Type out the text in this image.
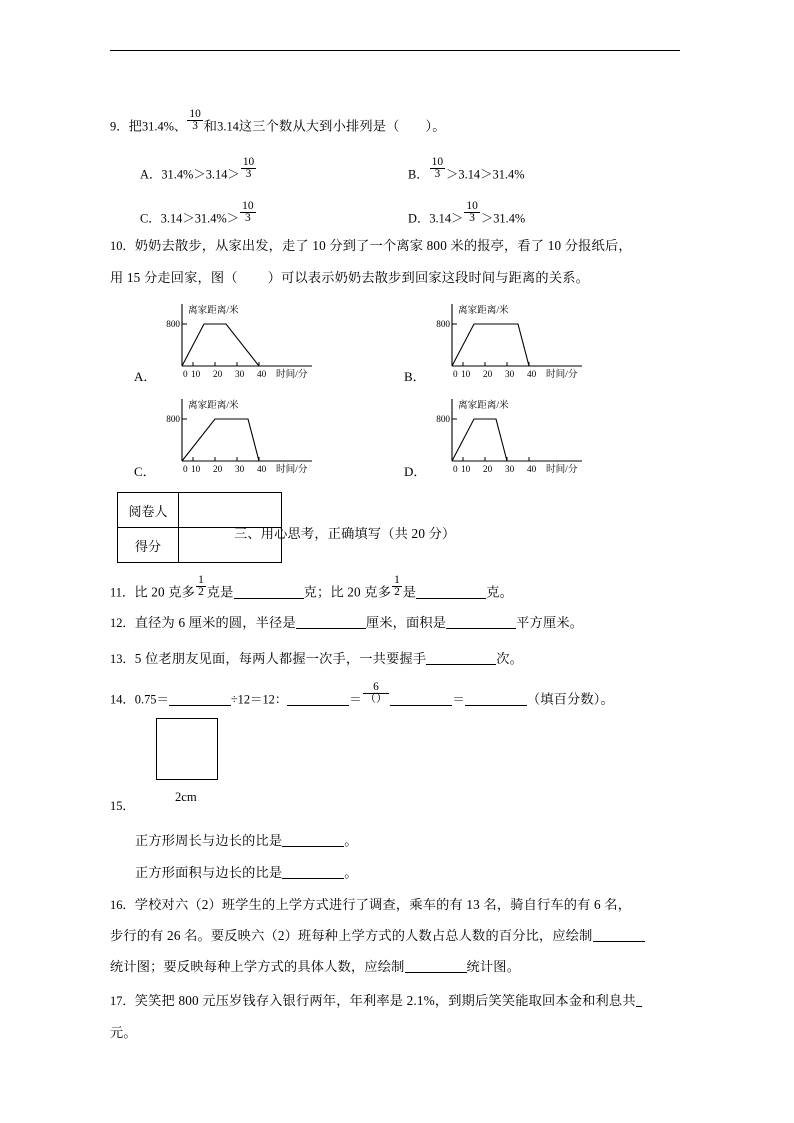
9．把31.4%、 $\frac{10}{3}$ 和3.14这三个数从大到小排列是（ ）。
A．$31.4\%>3.14> \frac{10}{3}$	B． $\frac{10}{3} >3.14>31.4\%$
C．$3.14>31.4\%> \frac{10}{3}$	D．$3.14> \frac{10}{3} >31.4\%$
10．奶奶去散步，从家出发，走了 10 分到了一个离家 800 米的报亭，看了 10 分报纸后，
用 15 分走回家，图（ ）可以表示奶奶去散步到回家这段时间与距离的关系。
离家距离/米
800
0 10 20 30 40 时间/分
A．
离家距离/米
800
0 10 20 30 40 时间/分
B．
离家距离/米
800
0 10 20 30 40 时间/分
C．
离家距离/米
800
0 10 20 30 40 时间/分
D．
阅卷人	
得分	
三、用心思考，正确填写（共 20 分）
11．比 20 克多 $\frac{1}{2}$ 克是	克；比 20 克多 $\frac{1}{2}$ 是	克。
12．直径为 6 厘米的圆，半径是	厘米，面积是	平方厘米。
13．5 位老朋友见面，每两人都握一次手，一共要握手	次。
14．0.75＝	÷12＝12：	＝ $\frac{6}{()}$	＝	（填百分数）。
2cm
15．
正方形周长与边长的比是	。
正方形面积与边长的比是	。
16．学校对六（2）班学生的上学方式进行了调查，乘车的有 13 名，骑自行车的有 6 名，
步行的有 26 名。要反映六（2）班每种上学方式的人数占总人数的百分比，应绘制
统计图；要反映每种上学方式的具体人数，应绘制	统计图。
17．笑笑把 800 元压岁钱存入银行两年，年利率是 2.1%，到期后笑笑能取回本金和利息共
元。
